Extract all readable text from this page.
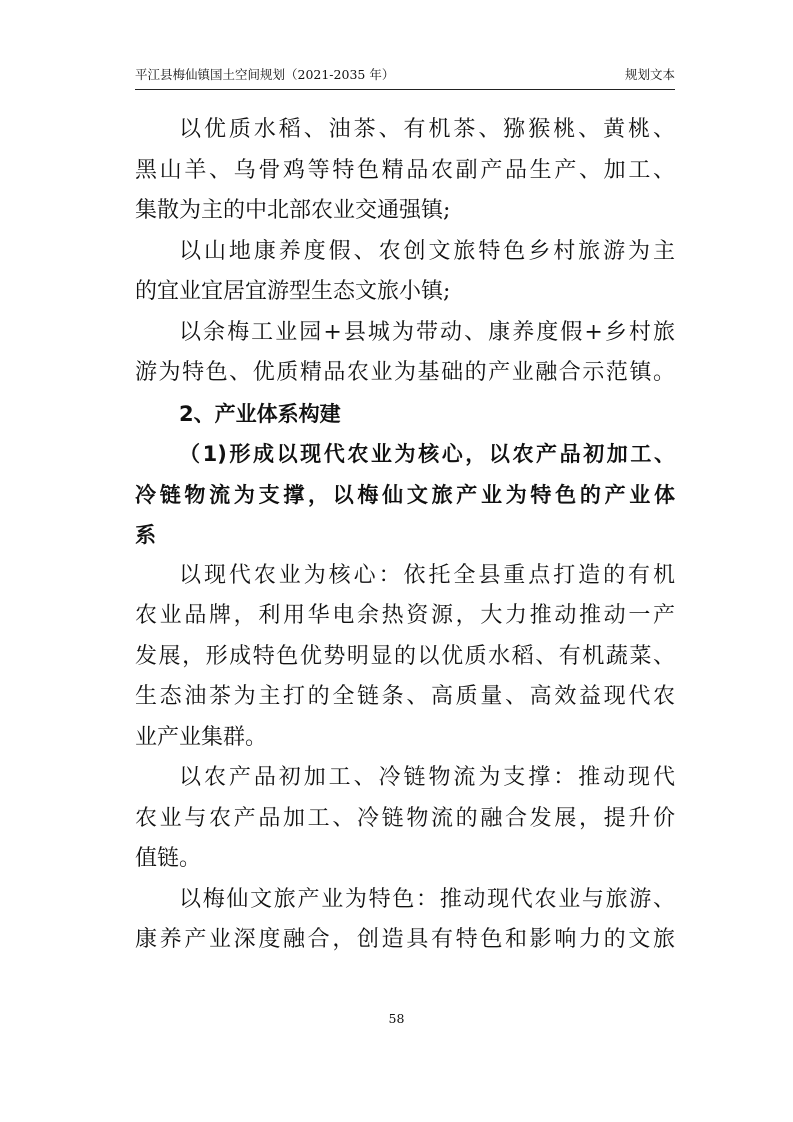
平江县梅仙镇国土空间规划（2021-2035 年）	规划文本
以优质水稻、油茶、有机茶、猕猴桃、黄桃、
黑山羊、乌骨鸡等特色精品农副产品生产、加工、
集散为主的中北部农业交通强镇;
以山地康养度假、农创文旅特色乡村旅游为主
的宜业宜居宜游型生态文旅小镇;
以余梅工业园+县城为带动、康养度假+乡村旅
游为特色、优质精品农业为基础的产业融合示范镇。
2、产业体系构建
（1)形成以现代农业为核心，以农产品初加工、
冷链物流为支撑，以梅仙文旅产业为特色的产业体
系
以现代农业为核心：依托全县重点打造的有机
农业品牌，利用华电余热资源，大力推动推动一产
发展，形成特色优势明显的以优质水稻、有机蔬菜、
生态油茶为主打的全链条、高质量、高效益现代农
业产业集群。
以农产品初加工、冷链物流为支撑：推动现代
农业与农产品加工、冷链物流的融合发展，提升价
值链。
以梅仙文旅产业为特色：推动现代农业与旅游、
康养产业深度融合，创造具有特色和影响力的文旅
58
